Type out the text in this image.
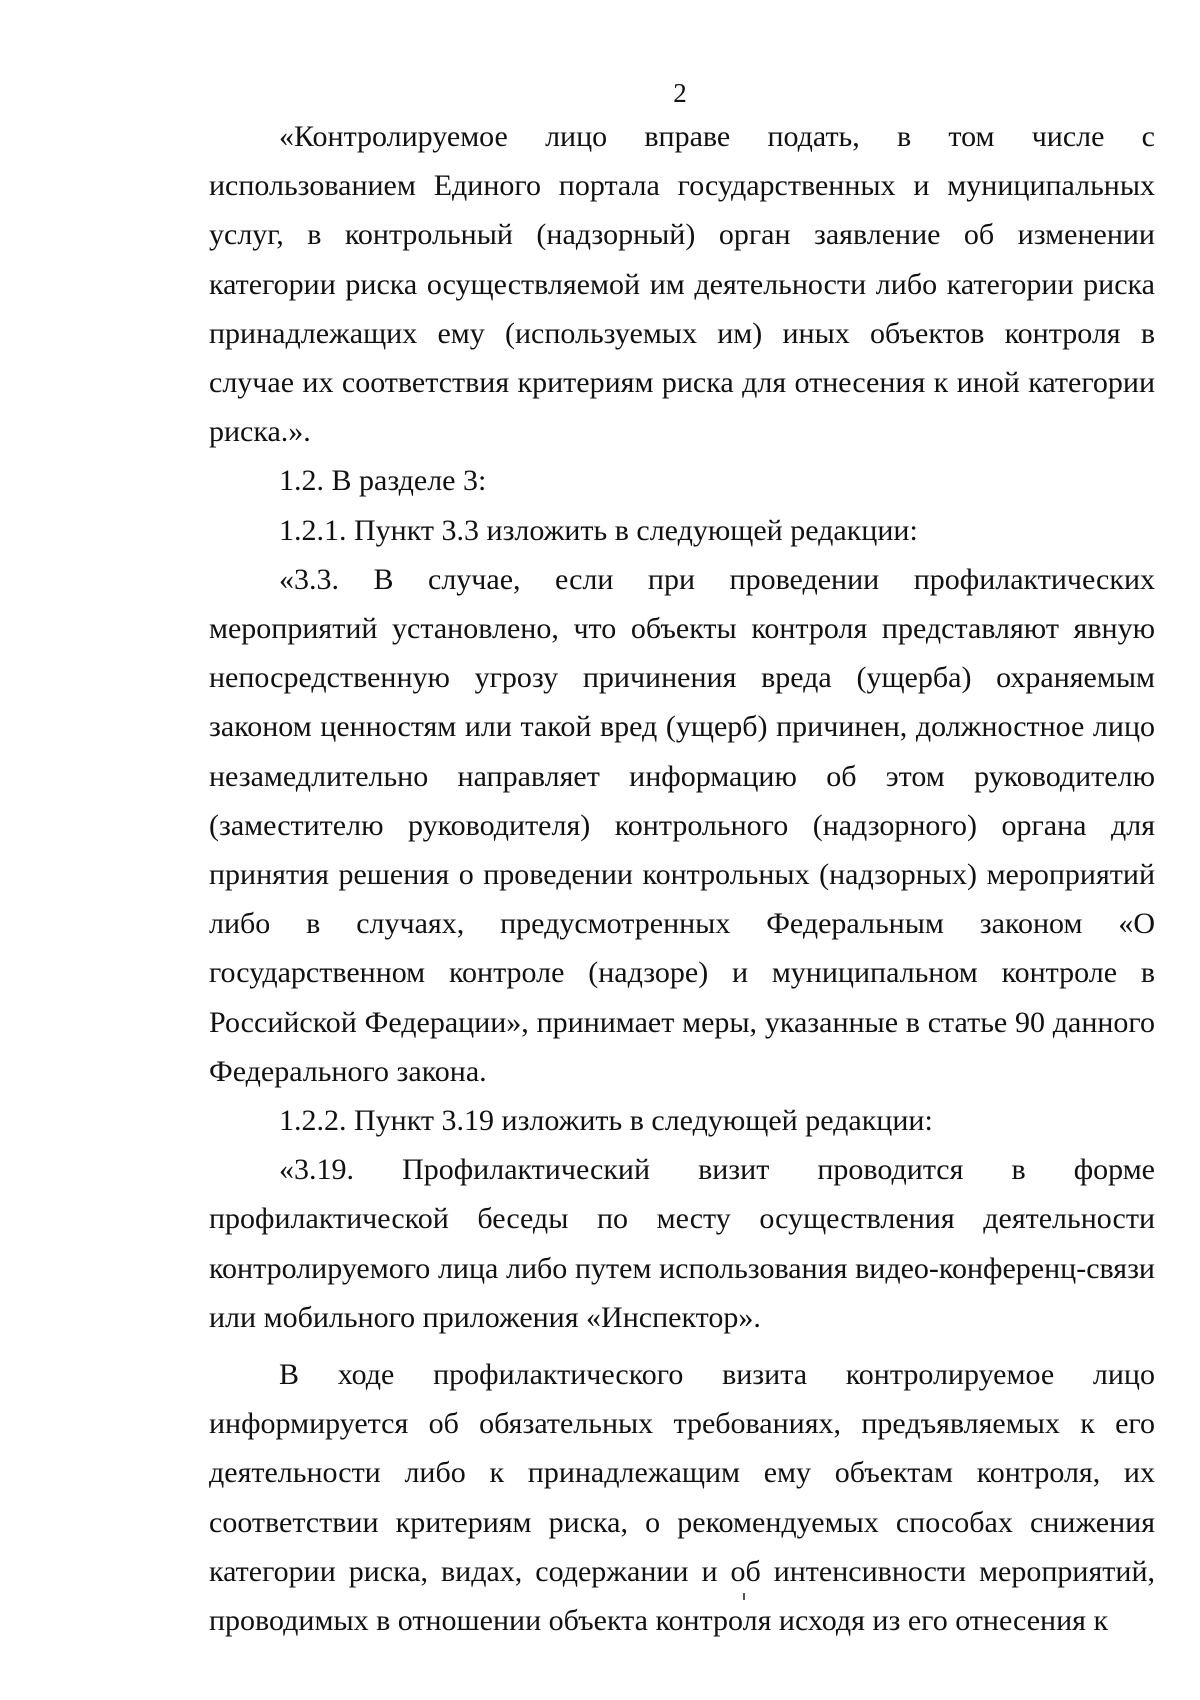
2

«Контролируемое лицо вправе подать, в том числе с использованием Единого портала государственных и муниципальных услуг, в контрольный (надзорный) орган заявление об изменении категории риска осуществляемой им деятельности либо категории риска принадлежащих ему (используемых им) иных объектов контроля в случае их соответствия критериям риска для отнесения к иной категории риска.».

1.2. В разделе 3:

1.2.1. Пункт 3.3 изложить в следующей редакции:

«3.3. В случае, если при проведении профилактических мероприятий установлено, что объекты контроля представляют явную непосредственную угрозу причинения вреда (ущерба) охраняемым законом ценностям или такой вред (ущерб) причинен, должностное лицо незамедлительно направляет информацию об этом руководителю (заместителю руководителя) контрольного (надзорного) органа для принятия решения о проведении контрольных (надзорных) мероприятий либо в случаях, предусмотренных Федеральным законом «О государственном контроле (надзоре) и муниципальном контроле в Российской Федерации», принимает меры, указанные в статье 90 данного Федерального закона.

1.2.2. Пункт 3.19 изложить в следующей редакции:

«3.19. Профилактический визит проводится в форме профилактической беседы по месту осуществления деятельности контролируемого лица либо путем использования видео-конференц-связи или мобильного приложения «Инспектор».

В ходе профилактического визита контролируемое лицо информируется об обязательных требованиях, предъявляемых к его деятельности либо к принадлежащим ему объектам контроля, их соответствии критериям риска, о рекомендуемых способах снижения категории риска, видах, содержании и об интенсивности мероприятий, проводимых в отношении объекта контроля исходя из его отнесения к
